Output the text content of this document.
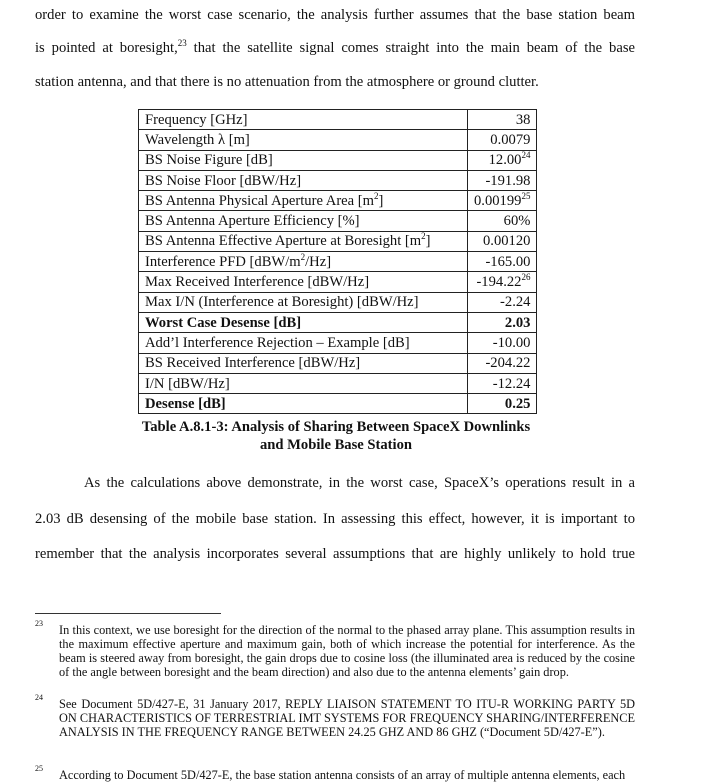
order to examine the worst case scenario, the analysis further assumes that the base station beam
is pointed at boresight,$^{23}$ that the satellite signal comes straight into the main beam of the base
station antenna, and that there is no attenuation from the atmosphere or ground clutter.
Frequency [GHz]	38
Wavelength λ [m]	0.0079
BS Noise Figure [dB]	12.00$^{24}$
BS Noise Floor [dBW/Hz]	-191.98
BS Antenna Physical Aperture Area $[m^2]$	0.00199$^{25}$
BS Antenna Aperture Efficiency [%]	60%
BS Antenna Effective Aperture at Boresight $[m^2]$	0.00120
Interference PFD $[dBW/m^2/Hz]$	-165.00
Max Received Interference [dBW/Hz]	-194.22$^{26}$
Max I/N (Interference at Boresight) [dBW/Hz]	-2.24
Worst Case Desense [dB]	2.03
Add’l Interference Rejection – Example [dB]	-10.00
BS Received Interference [dBW/Hz]	-204.22
I/N [dBW/Hz]	-12.24
Desense [dB]	0.25
Table A.8.1-3: Analysis of Sharing Between SpaceX Downlinks
and Mobile Base Station
As the calculations above demonstrate, in the worst case, SpaceX’s operations result in a
2.03 dB desensing of the mobile base station. In assessing this effect, however, it is important to
remember that the analysis incorporates several assumptions that are highly unlikely to hold true
23 In this context, we use boresight for the direction of the normal to the phased array plane. This assumption results in the maximum effective aperture and maximum gain, both of which increase the potential for interference. As the beam is steered away from boresight, the gain drops due to cosine loss (the illuminated area is reduced by the cosine of the angle between boresight and the beam direction) and also due to the antenna elements’ gain drop.
24 See Document 5D/427-E, 31 January 2017, REPLY LIAISON STATEMENT TO ITU-R WORKING PARTY 5D ON CHARACTERISTICS OF TERRESTRIAL IMT SYSTEMS FOR FREQUENCY SHARING/INTERFERENCE ANALYSIS IN THE FREQUENCY RANGE BETWEEN 24.25 GHZ AND 86 GHZ (“Document 5D/427-E”).
25 According to Document 5D/427-E, the base station antenna consists of an array of multiple antenna elements, each
